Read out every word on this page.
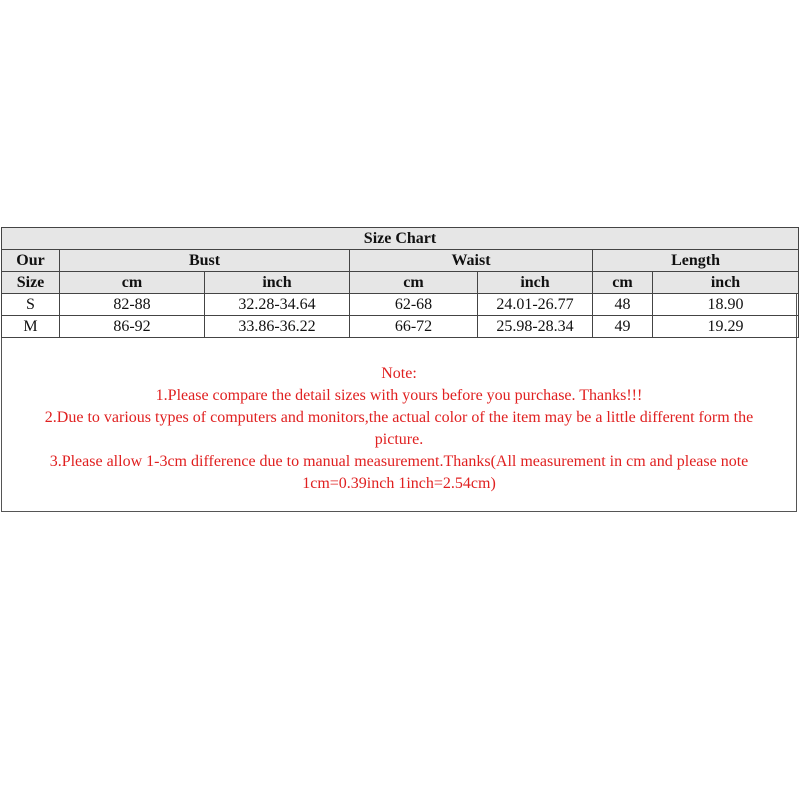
Size Chart						
Our	Bust		Waist		Length	
Size	cm	inch	cm	inch	cm	inch
S	82-88	32.28-34.64	62-68	24.01-26.77	48	18.90
M	86-92	33.86-36.22	66-72	25.98-28.34	49	19.29
Note:
1.Please compare the detail sizes with yours before you purchase. Thanks!!!
2.Due to various types of computers and monitors,the actual color of the item may be a little different form the
picture.
3.Please allow 1-3cm difference due to manual measurement.Thanks(All measurement in cm and please note
1cm=0.39inch 1inch=2.54cm)
